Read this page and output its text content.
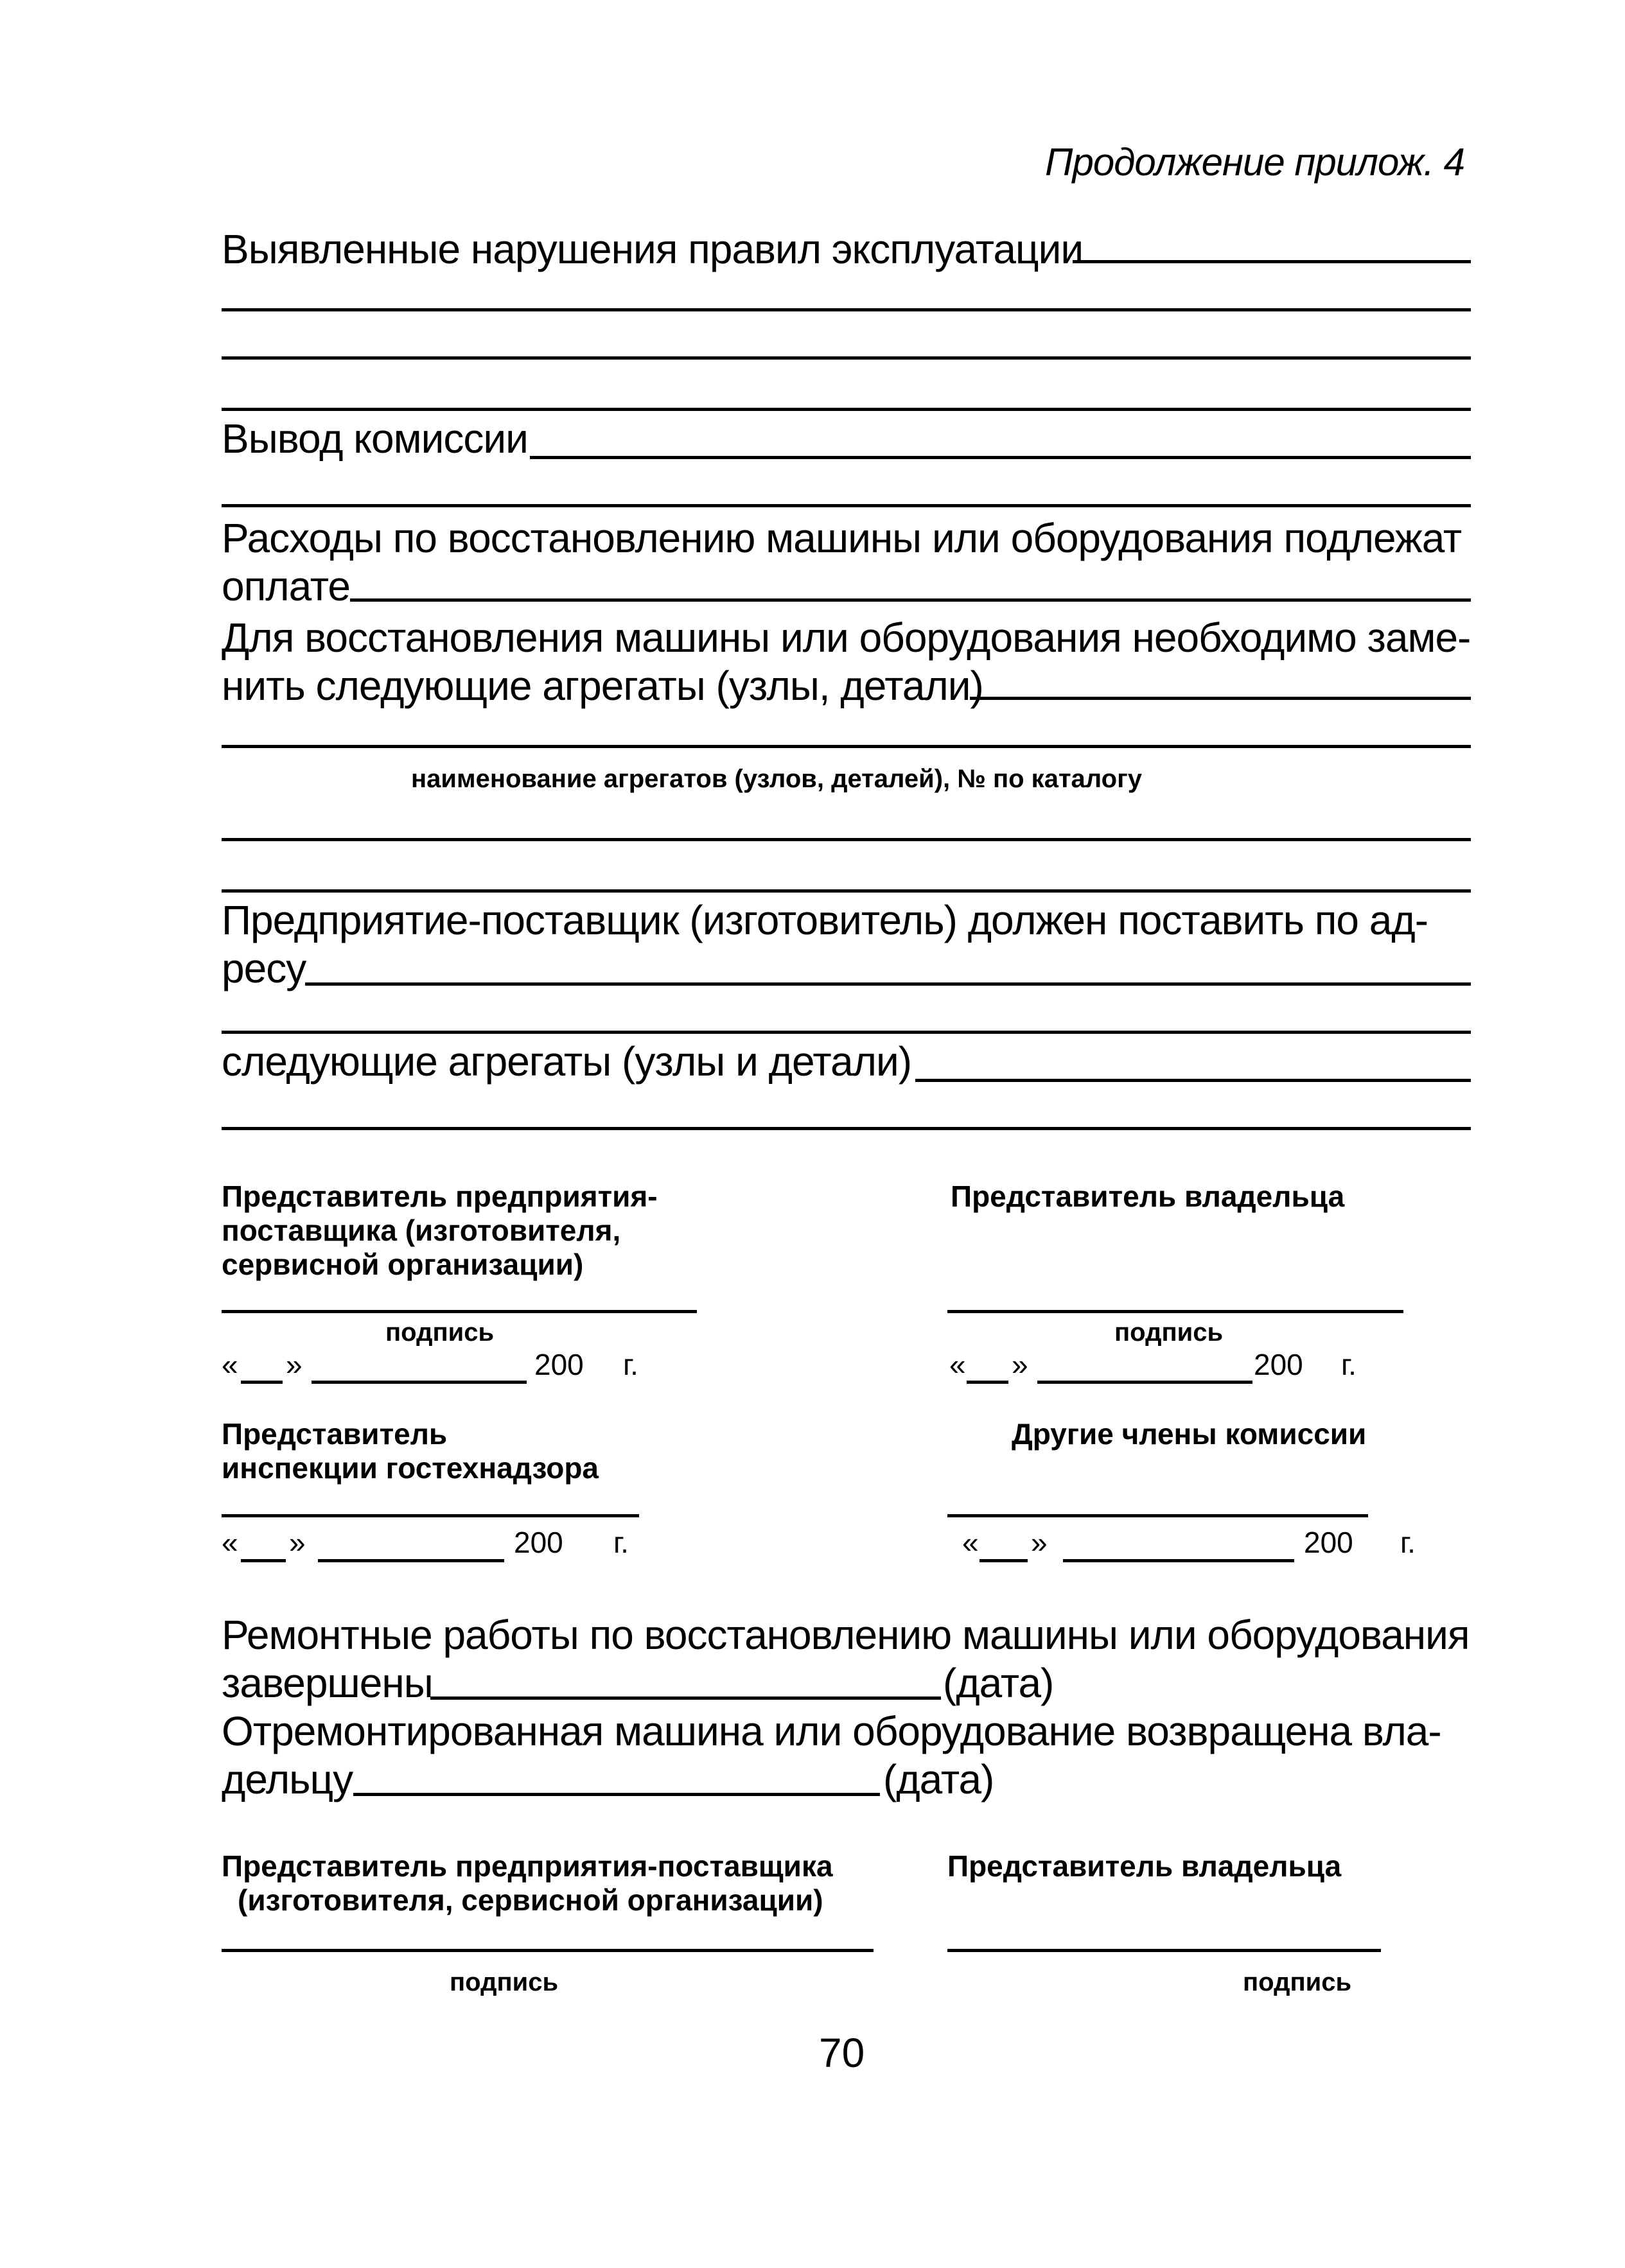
Продолжение прилож. 4
Выявленные нарушения правил эксплуатации
Вывод комиссии
Расходы по восстановлению машины или оборудования подлежат
оплате
Для восстановления машины или оборудования необходимо заме-
нить следующие агрегаты (узлы, детали)
наименование агрегатов (узлов, деталей), № по каталогу
Предприятие-поставщик (изготовитель) должен поставить по ад-
ресу
следующие агрегаты (узлы и детали)
Представитель предприятия-
поставщика (изготовителя,
сервисной организации)
Представитель владельца
подпись	подпись
« »	200 г.	« »	200 г.
Представитель
инспекции гостехнадзора
Другие члены комиссии
« »	200 г.	« »	200 г.
Ремонтные работы по восстановлению машины или оборудования
завершены	(дата)
Отремонтированная машина или оборудование возвращена вла-
дельцу	(дата)
Представитель предприятия-поставщика
(изготовителя, сервисной организации)
Представитель владельца
подпись	подпись
70
